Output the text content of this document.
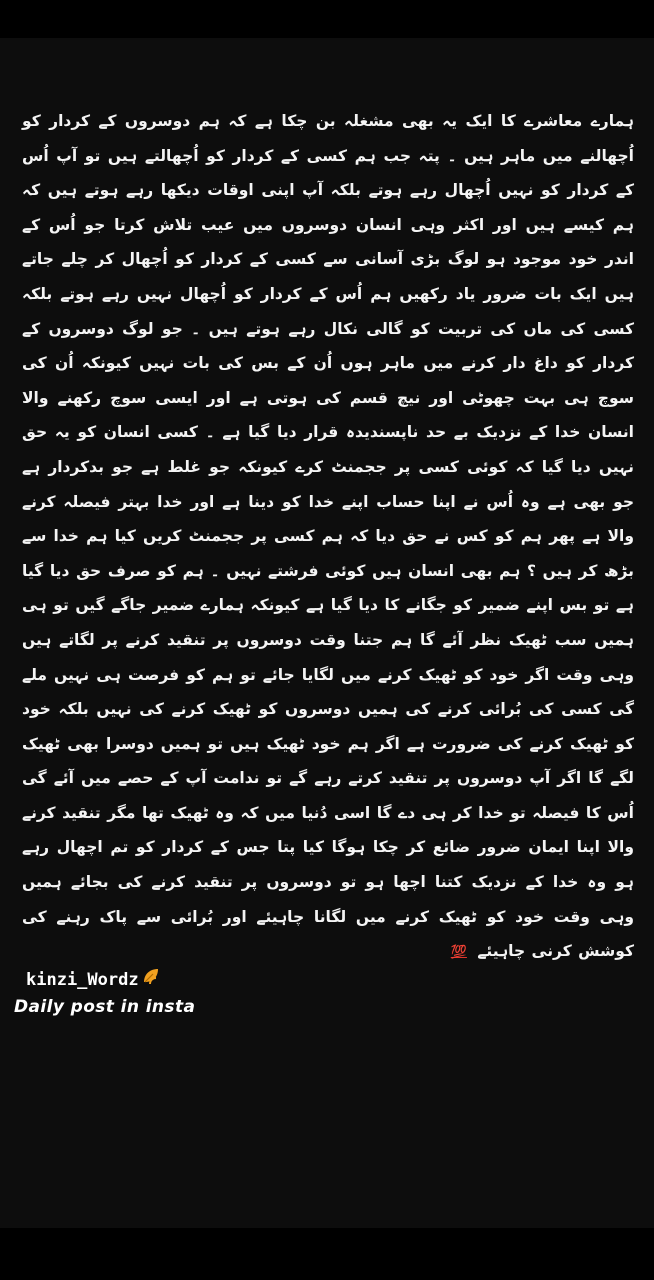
ہمارے معاشرے کا ایک یہ بھی مشغلہ بن چکا ہے کہ ہم دوسروں کے کردار کو اُچھالنے میں ماہر ہیں ۔ پتہ جب ہم کسی کے کردار کو اُچھالتے ہیں تو آپ اُس کے کردار کو نہیں اُچھال رہے ہوتے بلکہ آپ اپنی اوقات دیکھا رہے ہوتے ہیں کہ ہم کیسے ہیں اور اکثر وہی انسان دوسروں میں عیب تلاش کرتا جو اُس کے اندر خود موجود ہو لوگ بڑی آسانی سے کسی کے کردار کو اُچھال کر چلے جاتے ہیں ایک بات ضرور یاد رکھیں ہم اُس کے کردار کو اُچھال نہیں رہے ہوتے بلکہ کسی کی ماں کی تربیت کو گالی نکال رہے ہوتے ہیں ۔ جو لوگ دوسروں کے کردار کو داغ دار کرنے میں ماہر ہوں اُن کے بس کی بات نہیں کیونکہ اُن کی سوچ ہی بہت چھوٹی اور نیچ قسم کی ہوتی ہے اور ایسی سوچ رکھنے والا انسان خدا کے نزدیک بے حد ناپسندیدہ قرار دیا گیا ہے ۔ کسی انسان کو یہ حق نہیں دیا گیا کہ کوئی کسی پر ججمنٹ کرے کیونکہ جو غلط ہے جو بدکردار ہے جو بھی ہے وہ اُس نے اپنا حساب اپنے خدا کو دینا ہے اور خدا بہتر فیصلہ کرنے والا ہے پھر ہم کو کس نے حق دیا کہ ہم کسی پر ججمنٹ کریں کیا ہم خدا سے بڑھ کر ہیں ؟ ہم بھی انسان ہیں کوئی فرشتے نہیں ۔ ہم کو صرف حق دیا گیا ہے تو بس اپنے ضمیر کو جگانے کا دیا گیا ہے کیونکہ ہمارے ضمیر جاگے گیں تو ہی ہمیں سب ٹھیک نظر آئے گا ہم جتنا وقت دوسروں پر تنقید کرنے پر لگاتے ہیں وہی وقت اگر خود کو ٹھیک کرنے میں لگایا جائے تو ہم کو فرصت ہی نہیں ملے گی کسی کی بُرائی کرنے کی ہمیں دوسروں کو ٹھیک کرنے کی نہیں بلکہ خود کو ٹھیک کرنے کی ضرورت ہے اگر ہم خود ٹھیک ہیں تو ہمیں دوسرا بھی ٹھیک لگے گا اگر آپ دوسروں پر تنقید کرتے رہے گے تو ندامت آپ کے حصے میں آئے گی اُس کا فیصلہ تو خدا کر ہی دے گا اسی دُنیا میں کہ وہ ٹھیک تھا مگر تنقید کرنے والا اپنا ایمان ضرور ضائع کر چکا ہوگا کیا پتا جس کے کردار کو تم اچھال رہے ہو وہ خدا کے نزدیک کتنا اچھا ہو تو دوسروں پر تنقید کرنے کی بجائے ہمیں وہی وقت خود کو ٹھیک کرنے میں لگانا چاہیئے اور بُرائی سے پاک رہنے کی کوشش کرنی چاہیئے 💯
kinzi_Wordz
Daily post in insta
